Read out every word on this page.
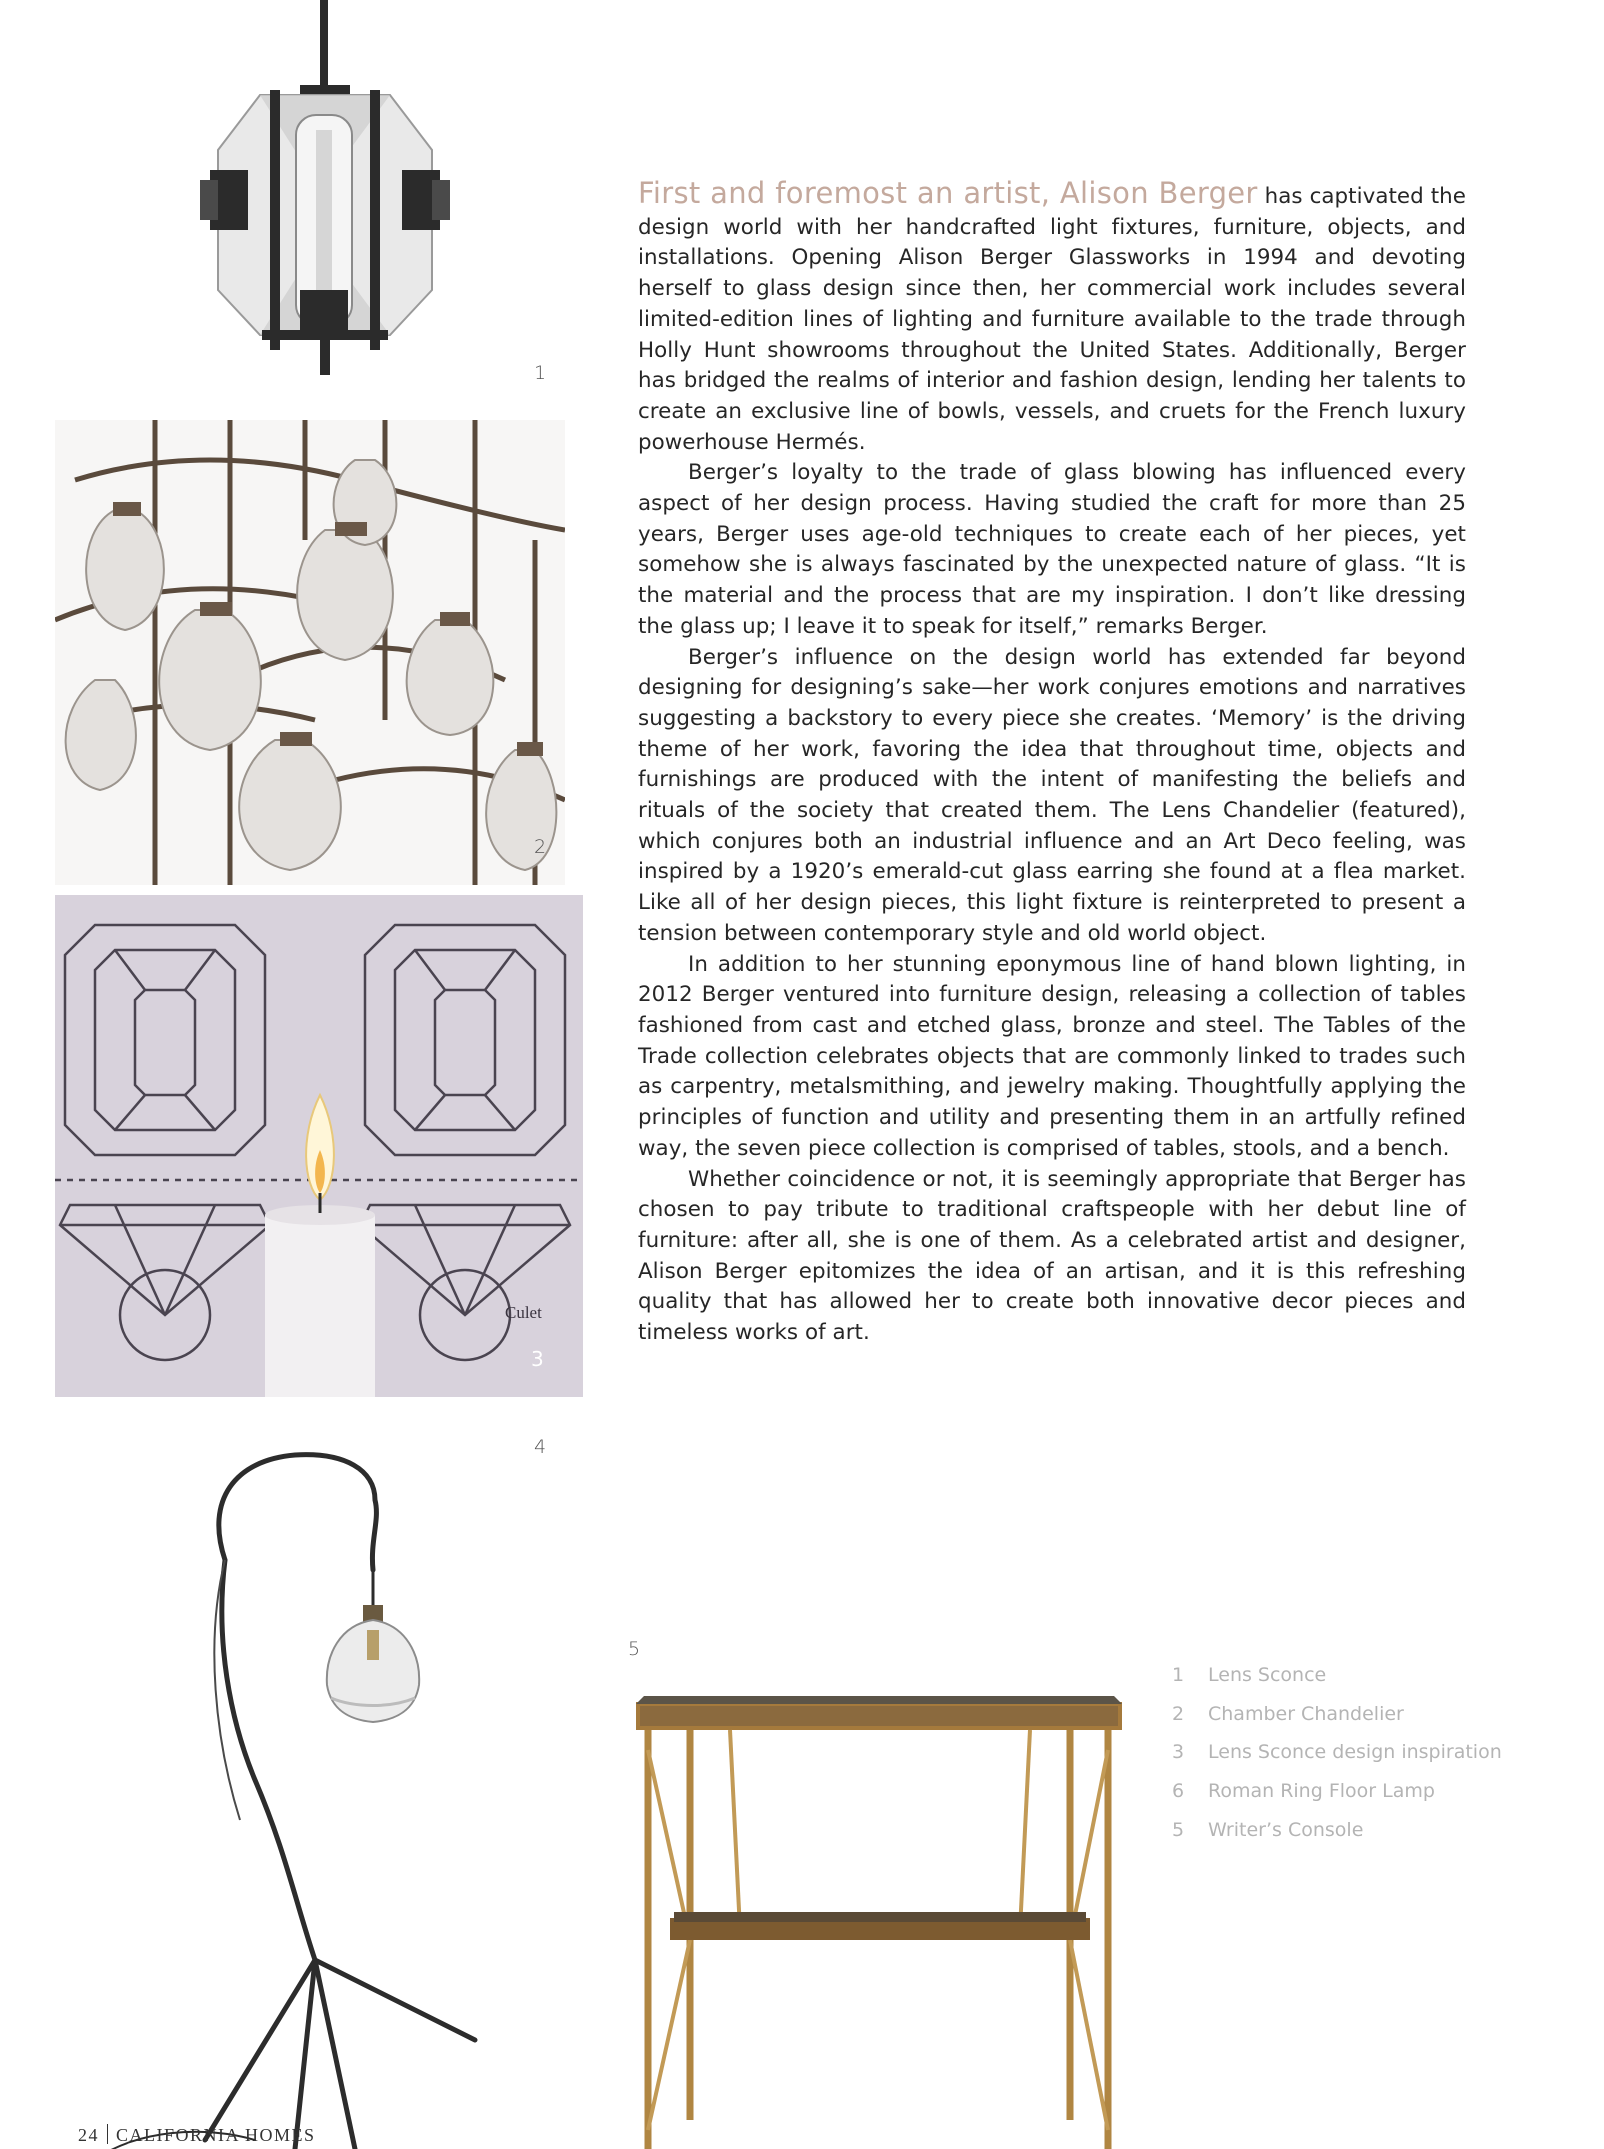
1
2
Culet
3
4
5

First and foremost an artist, Alison Berger has captivated the design world with her handcrafted light fixtures, furniture, objects, and installations. Opening Alison Berger Glassworks in 1994 and devoting herself to glass design since then, her commercial work includes several limited-edition lines of lighting and furniture available to the trade through Holly Hunt showrooms throughout the United States. Additionally, Berger has bridged the realms of interior and fashion design, lending her talents to create an exclusive line of bowls, vessels, and cruets for the French luxury powerhouse Hermés.

Berger’s loyalty to the trade of glass blowing has influenced every aspect of her design process. Having studied the craft for more than 25 years, Berger uses age-old techniques to create each of her pieces, yet somehow she is always fascinated by the unexpected nature of glass. “It is the material and the process that are my inspiration. I don’t like dressing the glass up; I leave it to speak for itself,” remarks Berger.

Berger’s influence on the design world has extended far beyond designing for designing’s sake—her work conjures emotions and narratives suggesting a backstory to every piece she creates. ‘Memory’ is the driving theme of her work, favoring the idea that throughout time, objects and furnishings are produced with the intent of manifesting the beliefs and rituals of the society that created them. The Lens Chandelier (featured), which conjures both an industrial influence and an Art Deco feeling, was inspired by a 1920’s emerald-cut glass earring she found at a flea market. Like all of her design pieces, this light fixture is reinterpreted to present a tension between contemporary style and old world object.

In addition to her stunning eponymous line of hand blown lighting, in 2012 Berger ventured into furniture design, releasing a collection of tables fashioned from cast and etched glass, bronze and steel. The Tables of the Trade collection celebrates objects that are commonly linked to trades such as carpentry, metalsmithing, and jewelry making. Thoughtfully applying the principles of function and utility and presenting them in an artfully refined way, the seven piece collection is comprised of tables, stools, and a bench.

Whether coincidence or not, it is seemingly appropriate that Berger has chosen to pay tribute to traditional craftspeople with her debut line of furniture: after all, she is one of them. As a celebrated artist and designer, Alison Berger epitomizes the idea of an artisan, and it is this refreshing quality that has allowed her to create both innovative decor pieces and timeless works of art.

1	Lens Sconce
2	Chamber Chandelier
3	Lens Sconce design inspiration
6	Roman Ring Floor Lamp
5	Writer’s Console
24 CALIFORNIA HOMES
